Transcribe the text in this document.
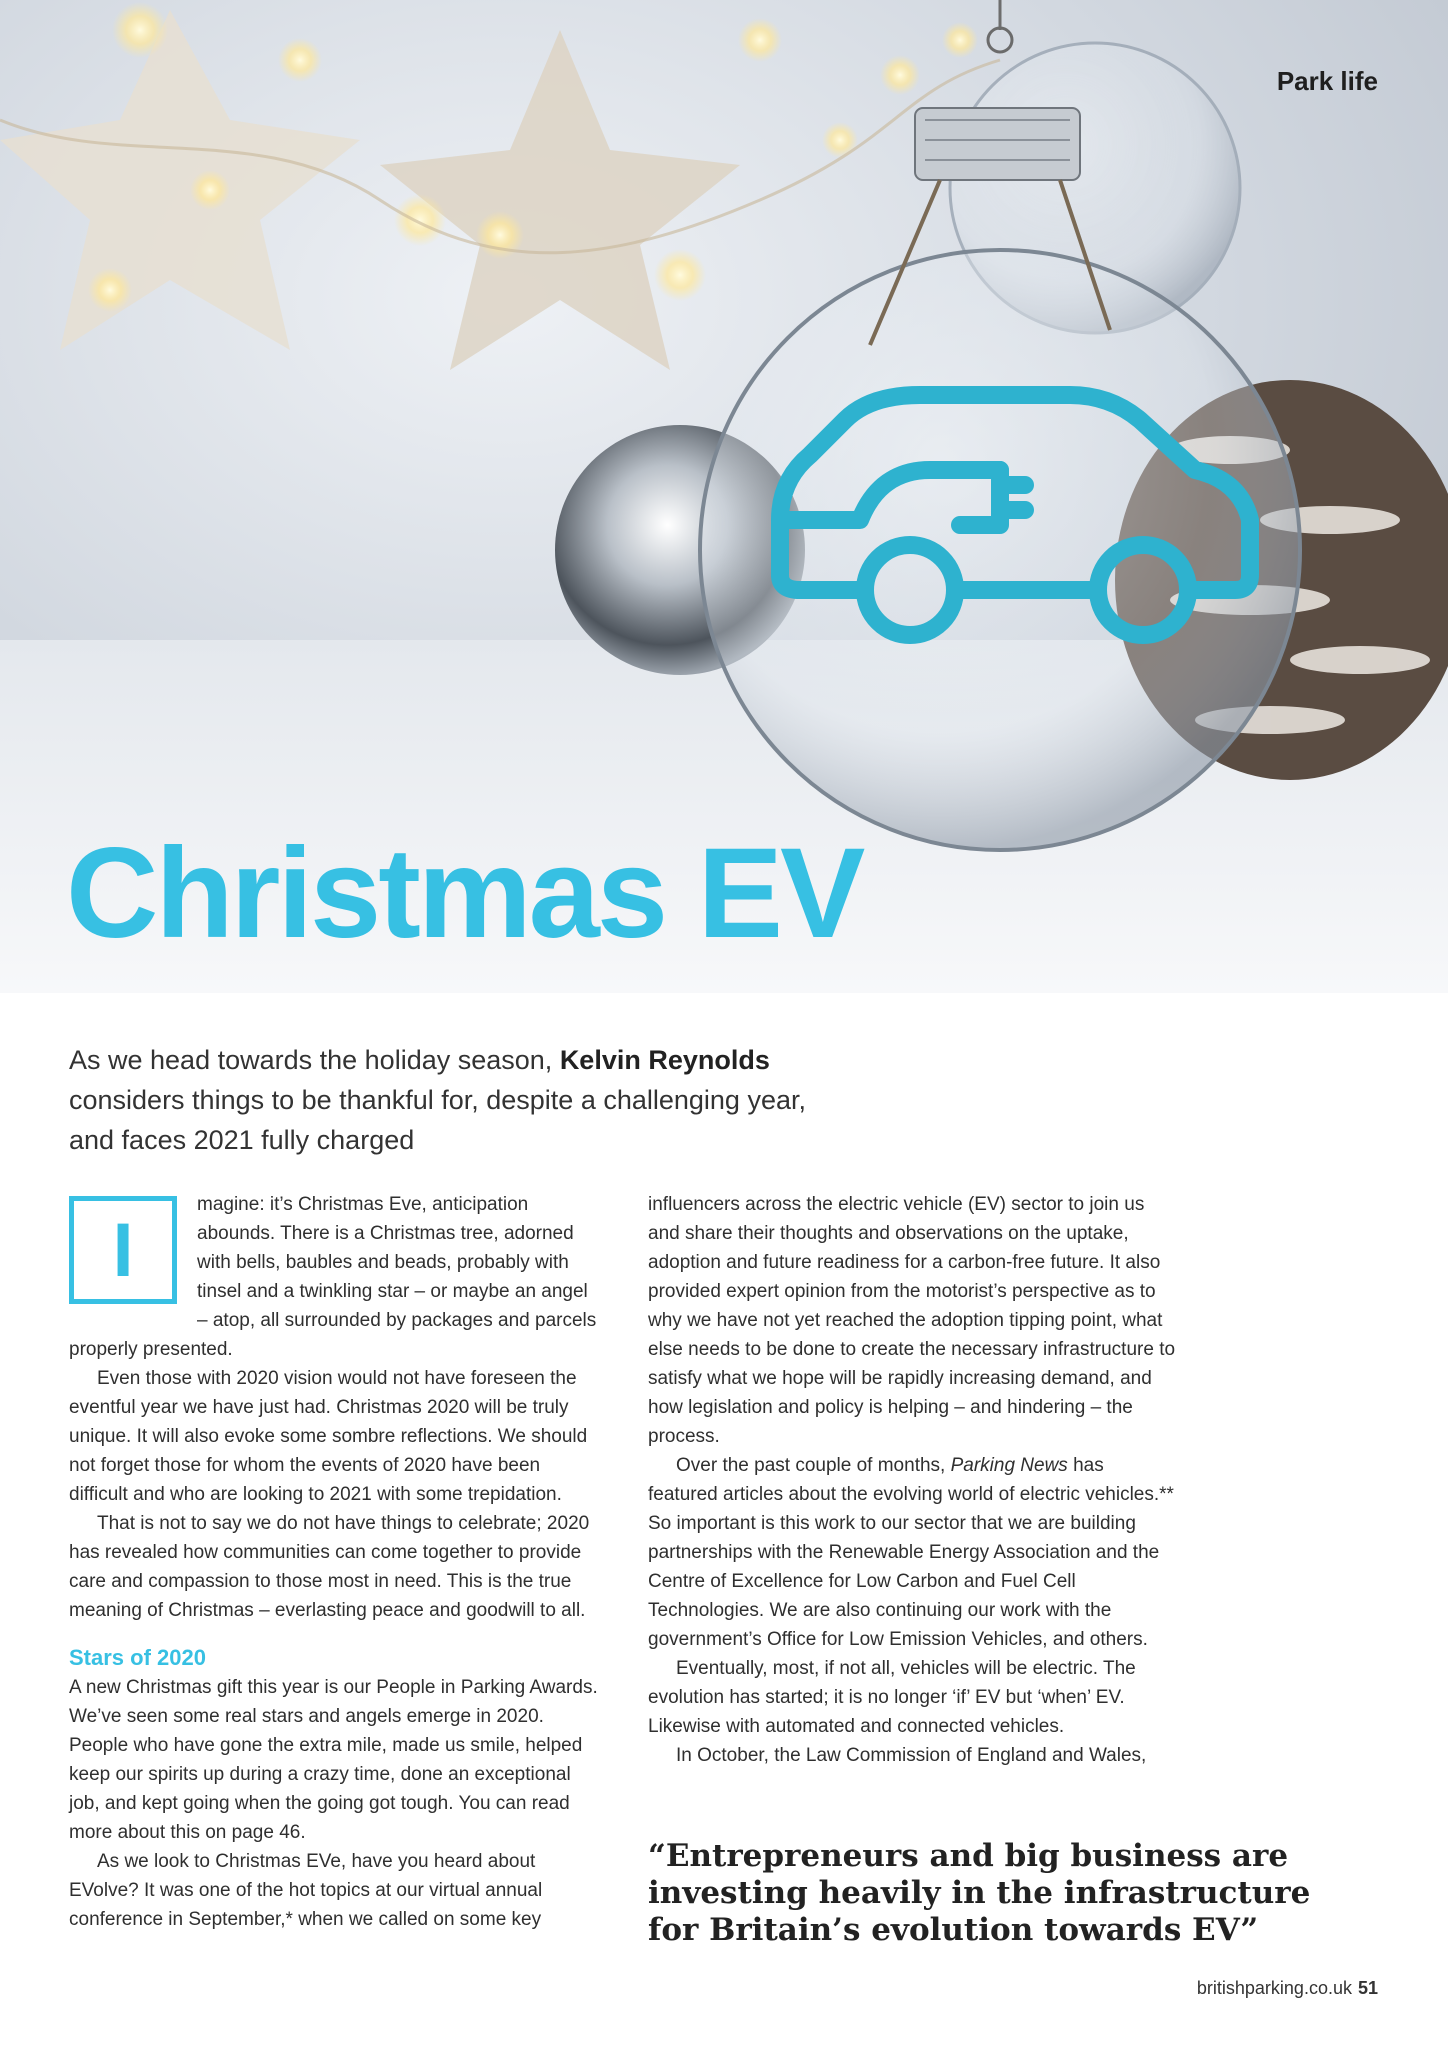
Park life
Christmas EV
As we head towards the holiday season, Kelvin Reynolds considers things to be thankful for, despite a challenging year, and faces 2021 fully charged
I

magine: it’s Christmas Eve, anticipation abounds. There is a Christmas tree, adorned with bells, baubles and beads, probably with tinsel and a twinkling star – or maybe an angel – atop, all surrounded by packages and parcels properly presented.

Even those with 2020 vision would not have foreseen the eventful year we have just had. Christmas 2020 will be truly unique. It will also evoke some sombre reflections. We should not forget those for whom the events of 2020 have been difficult and who are looking to 2021 with some trepidation.

That is not to say we do not have things to celebrate; 2020 has revealed how communities can come together to provide care and compassion to those most in need. This is the true meaning of Christmas – everlasting peace and goodwill to all.

Stars of 2020

A new Christmas gift this year is our People in Parking Awards. We’ve seen some real stars and angels emerge in 2020. People who have gone the extra mile, made us smile, helped keep our spirits up during a crazy time, done an exceptional job, and kept going when the going got tough. You can read more about this on page 46.

As we look to Christmas EVe, have you heard about EVolve? It was one of the hot topics at our virtual annual conference in September,* when we called on some key

influencers across the electric vehicle (EV) sector to join us and share their thoughts and observations on the uptake, adoption and future readiness for a carbon-free future. It also provided expert opinion from the motorist’s perspective as to why we have not yet reached the adoption tipping point, what else needs to be done to create the necessary infrastructure to satisfy what we hope will be rapidly increasing demand, and how legislation and policy is helping – and hindering – the process.

Over the past couple of months, Parking News has featured articles about the evolving world of electric vehicles.** So important is this work to our sector that we are building partnerships with the Renewable Energy Association and the Centre of Excellence for Low Carbon and Fuel Cell Technologies. We are also continuing our work with the government’s Office for Low Emission Vehicles, and others.

Eventually, most, if not all, vehicles will be electric. The evolution has started; it is no longer ‘if’ EV but ‘when’ EV. Likewise with automated and connected vehicles.

In October, the Law Commission of England and Wales,

“Entrepreneurs and big business are investing heavily in the infrastructure for Britain’s evolution towards EV”
britishparking.co.uk 51
